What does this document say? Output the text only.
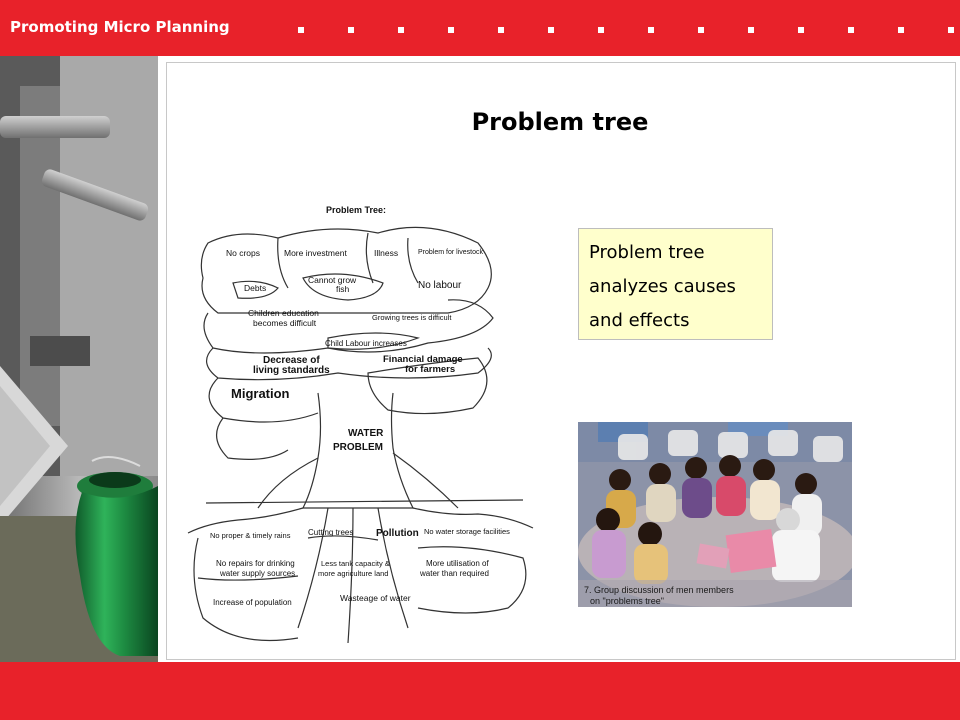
Promoting Micro Planning
Problem tree
Problem Tree:
No crops	More investment	Illness	Problem for livestock
Cannot grow
fish
Debts	No labour
Children education
becomes difficult
Growing trees is difficult
Child Labour increases
Decrease of
living standards
Financial damage
for farmers
Migration
WATER
PROBLEM
No proper & timely rains Cutting trees Pollution No water storage facilities
No repairs for drinking
water supply sources
Less tank capacity &
more agriculture land
More utilisation of
water than required
Increase of population	Wasteage of water
Problem tree
analyzes causes
and effects
7. Group discussion of men members
on "problems tree"
